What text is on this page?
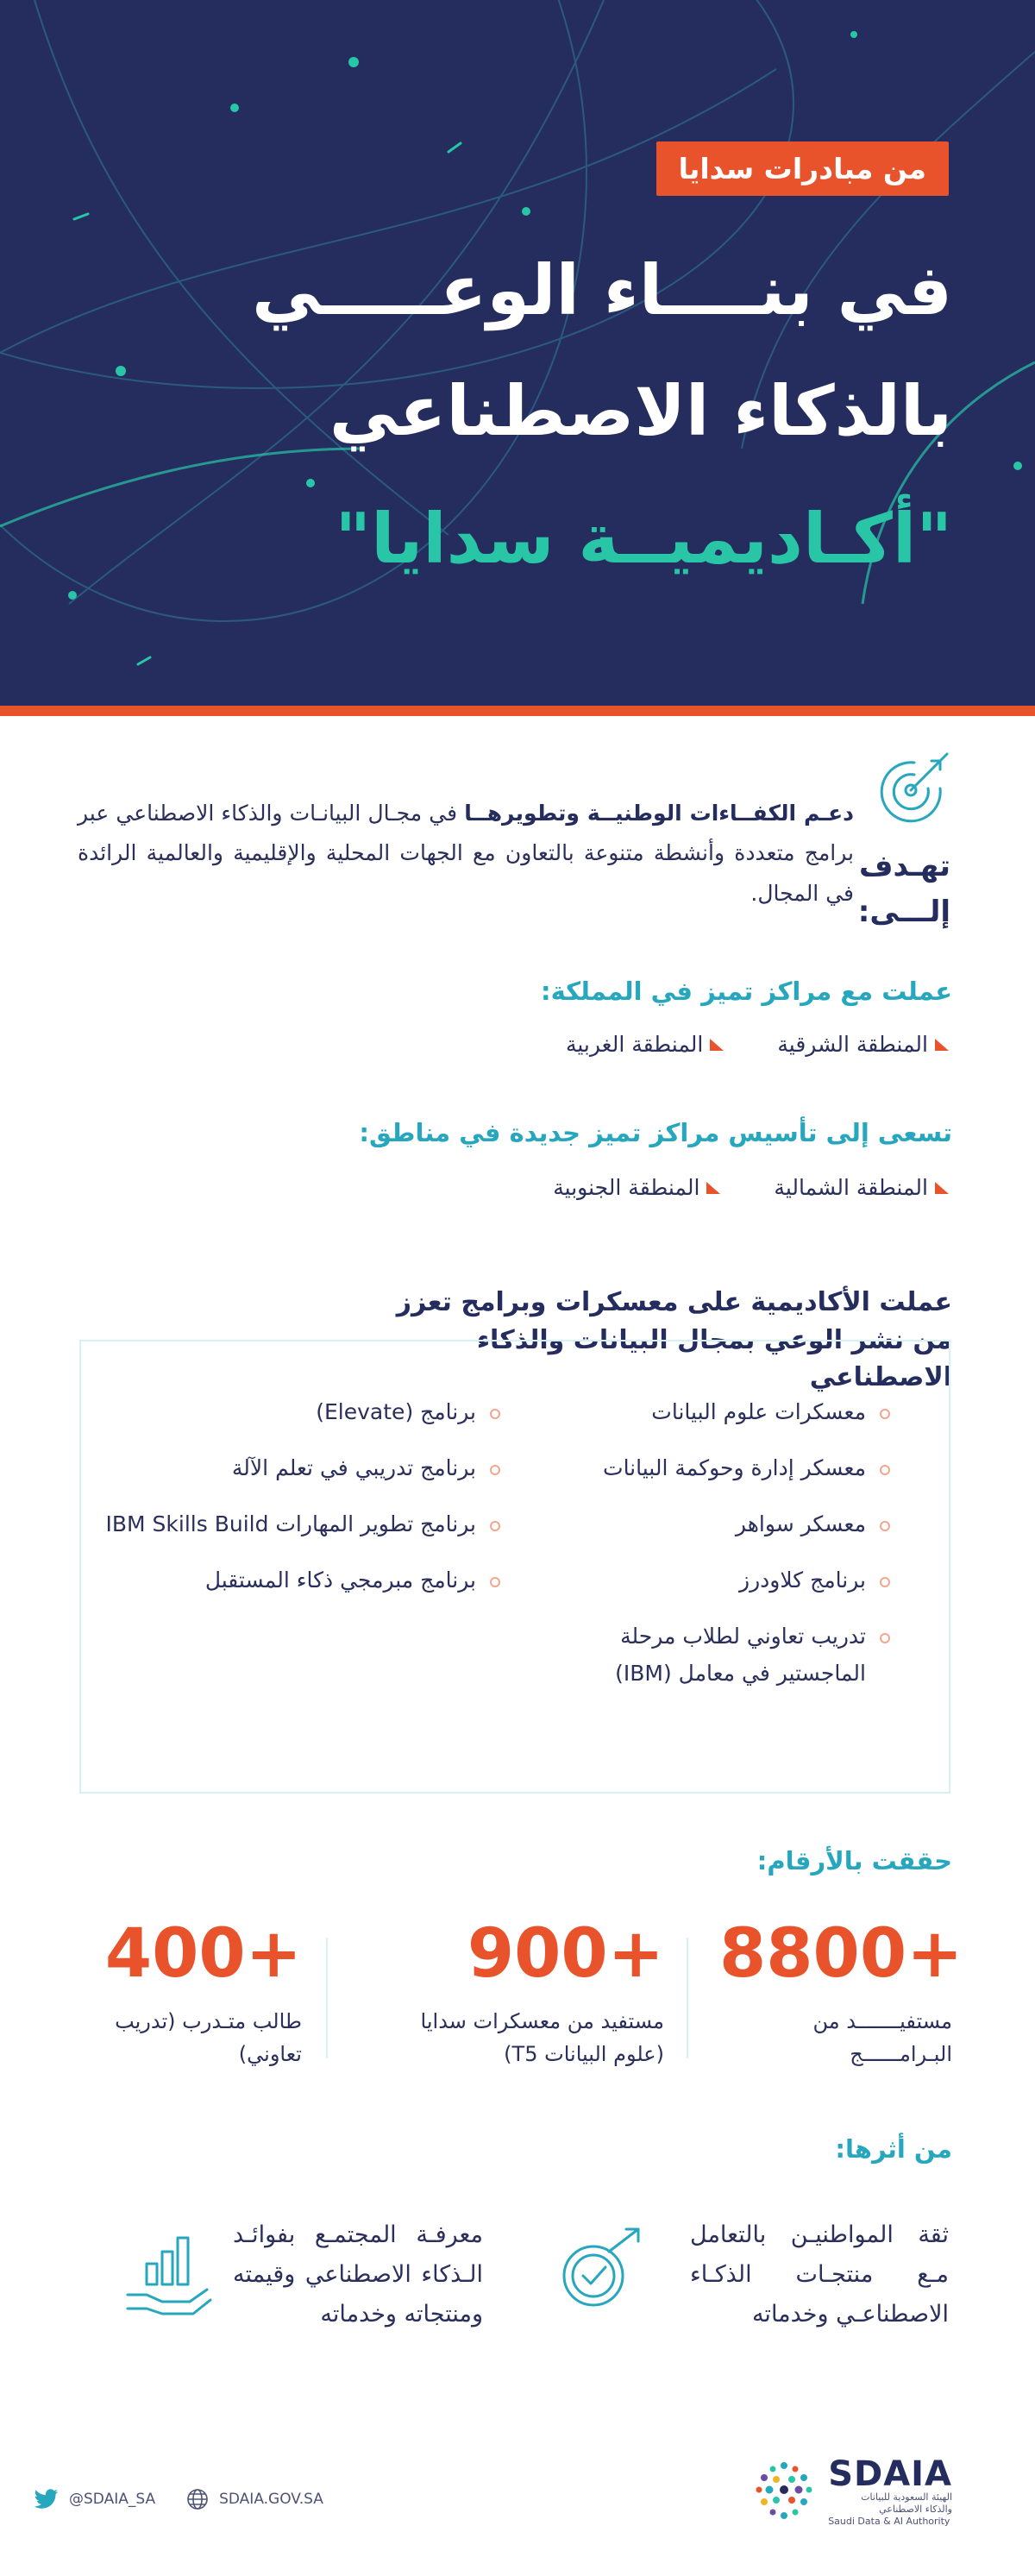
من مبادرات سدايا
في بنــــاء الوعـــــي
بالذكاء الاصطناعي
"أكـاديميــة سدايا"
تهـدف
إلـــى:

دعـم الكفــاءات الوطنيــة وتطويرهــا في مجـال البيانـات والذكاء الاصطناعي عبر برامج متعددة وأنشطة متنوعة بالتعاون مع الجهات المحلية والإقليمية والعالمية الرائدة في المجال.

عملت مع مراكز تميز في المملكة:
المنطقة الشرقية
المنطقة الغربية
تسعى إلى تأسيس مراكز تميز جديدة في مناطق:
المنطقة الشمالية
المنطقة الجنوبية
عملت الأكاديمية على معسكرات وبرامج تعزز
من نشر الوعي بمجال البيانات والذكاء الاصطناعي
معسكرات علوم البيانات
معسكر إدارة وحوكمة البيانات
معسكر سواهر
برنامج كلاودرز
تدريب تعاوني لطلاب مرحلة الماجستير في معامل (IBM)
برنامج (Elevate)
برنامج تدريبي في تعلم الآلة
برنامج تطوير المهارات IBM Skills Build
برنامج مبرمجي ذكاء المستقبل
حققت بالأرقام:
8800+
مستفيـــــــد من البـرامــــــج
900+
مستفيد من معسكرات سدايا (علوم البيانات T5)
400+
طالب متـدرب (تدريب تعاوني)
من أثرها:

ثقة المواطنيـن بالتعامل مـع منتجـات الذكـاء الاصطناعـي وخدماته

معرفـة المجتمـع بفوائـد الـذكاء الاصطناعي وقيمته ومنتجاته وخدماته

@SDAIA_SA	SDAIA.GOV.SA
SDAIA
الهيئة السعودية للبيانات
والذكاء الاصطناعي
Saudi Data & AI Authority
